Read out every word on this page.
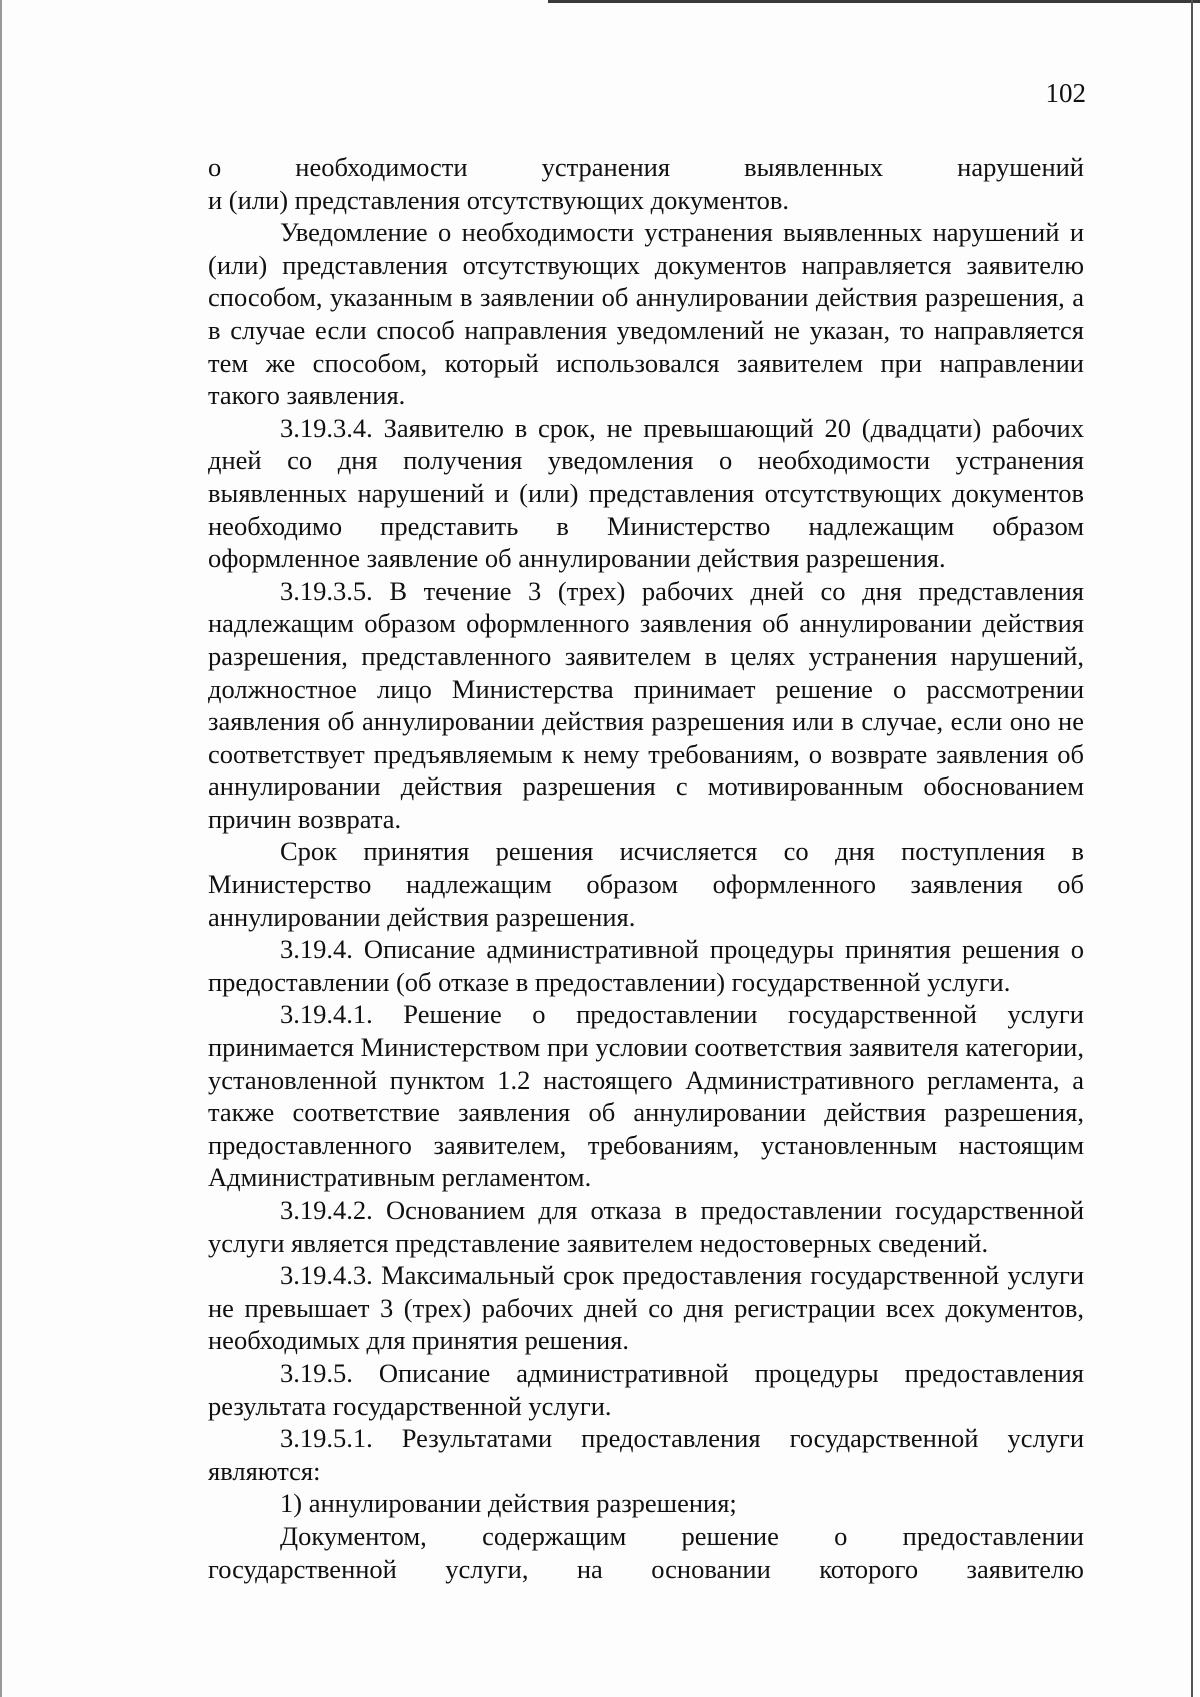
102

о необходимости устранения выявленных нарушений

и (или) представления отсутствующих документов.

Уведомление о необходимости устранения выявленных нарушений и (или) представления отсутствующих документов направляется заявителю способом, указанным в заявлении об аннулировании действия разрешения, а в случае если способ направления уведомлений не указан, то направляется тем же способом, который использовался заявителем при направлении такого заявления.

3.19.3.4. Заявителю в срок, не превышающий 20 (двадцати) рабочих дней со дня получения уведомления о необходимости устранения выявленных нарушений и (или) представления отсутствующих документов необходимо представить в Министерство надлежащим образом оформленное заявление об аннулировании действия разрешения.

3.19.3.5. В течение 3 (трех) рабочих дней со дня представления надлежащим образом оформленного заявления об аннулировании действия разрешения, представленного заявителем в целях устранения нарушений, должностное лицо Министерства принимает решение о рассмотрении заявления об аннулировании действия разрешения или в случае, если оно не соответствует предъявляемым к нему требованиям, о возврате заявления об аннулировании действия разрешения с мотивированным обоснованием причин возврата.

Срок принятия решения исчисляется со дня поступления в Министерство надлежащим образом оформленного заявления об аннулировании действия разрешения.

3.19.4. Описание административной процедуры принятия решения о предоставлении (об отказе в предоставлении) государственной услуги.

3.19.4.1. Решение о предоставлении государственной услуги принимается Министерством при условии соответствия заявителя категории, установленной пунктом 1.2 настоящего Административного регламента, а также соответствие заявления об аннулировании действия разрешения, предоставленного заявителем, требованиям, установленным настоящим Административным регламентом.

3.19.4.2. Основанием для отказа в предоставлении государственной услуги является представление заявителем недостоверных сведений.

3.19.4.3. Максимальный срок предоставления государственной услуги не превышает 3 (трех) рабочих дней со дня регистрации всех документов, необходимых для принятия решения.

3.19.5. Описание административной процедуры предоставления результата государственной услуги.

3.19.5.1. Результатами предоставления государственной услуги являются:

1) аннулировании действия разрешения;

Документом, содержащим решение о предоставлении государственной услуги, на основании которого заявителю
